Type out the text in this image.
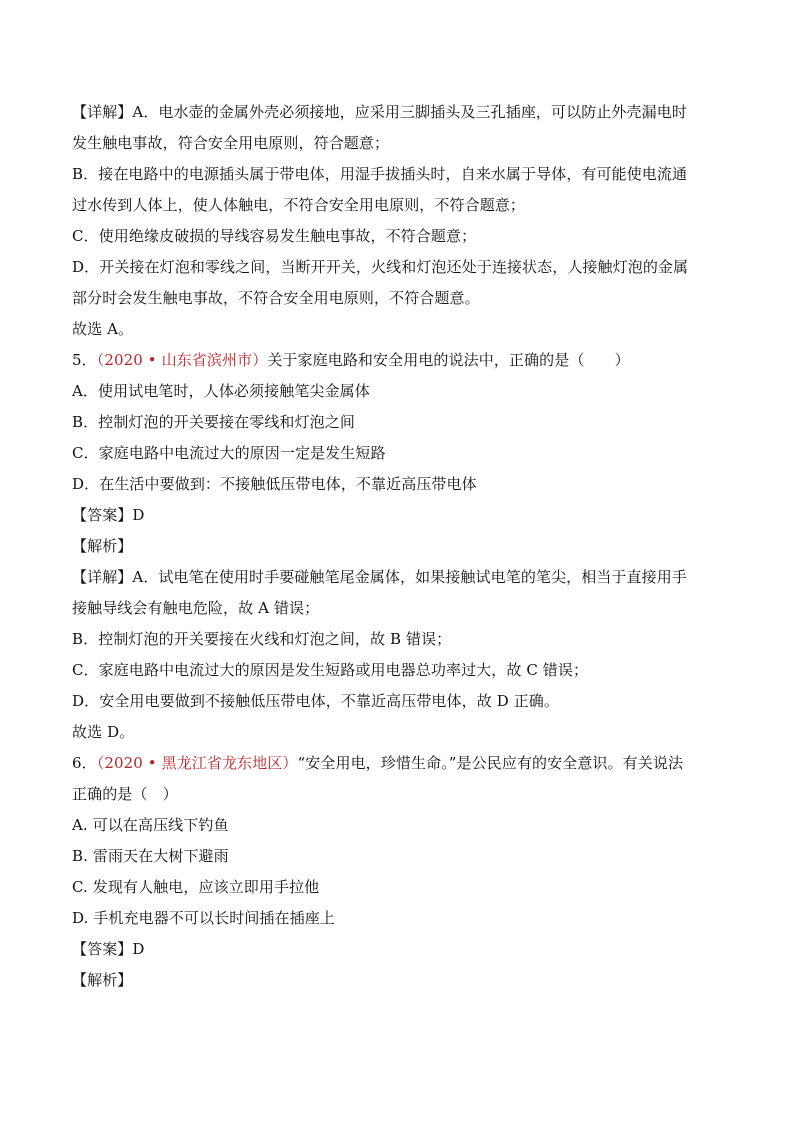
【详解】A．电水壶的金属外壳必须接地，应采用三脚插头及三孔插座，可以防止外壳漏电时
发生触电事故，符合安全用电原则，符合题意；
B．接在电路中的电源插头属于带电体，用湿手拔插头时，自来水属于导体，有可能使电流通
过水传到人体上，使人体触电，不符合安全用电原则，不符合题意；
C．使用绝缘皮破损的导线容易发生触电事故，不符合题意；
D．开关接在灯泡和零线之间，当断开开关，火线和灯泡还处于连接状态，人接触灯泡的金属
部分时会发生触电事故，不符合安全用电原则，不符合题意。
故选 A。
5．（2020 • 山东省滨州市）关于家庭电路和安全用电的说法中，正确的是（　　）
A．使用试电笔时，人体必须接触笔尖金属体
B．控制灯泡的开关要接在零线和灯泡之间
C．家庭电路中电流过大的原因一定是发生短路
D．在生活中要做到：不接触低压带电体，不靠近高压带电体
【答案】D
【解析】
【详解】A．试电笔在使用时手要碰触笔尾金属体，如果接触试电笔的笔尖，相当于直接用手
接触导线会有触电危险，故 A 错误；
B．控制灯泡的开关要接在火线和灯泡之间，故 B 错误；
C．家庭电路中电流过大的原因是发生短路或用电器总功率过大，故 C 错误；
D．安全用电要做到不接触低压带电体，不靠近高压带电体，故 D 正确。
故选 D。
6．（2020 • 黑龙江省龙东地区）“安全用电，珍惜生命。”是公民应有的安全意识。有关说法
正确的是（　）
A. 可以在高压线下钓鱼
B. 雷雨天在大树下避雨
C. 发现有人触电，应该立即用手拉他
D. 手机充电器不可以长时间插在插座上
【答案】D
【解析】
